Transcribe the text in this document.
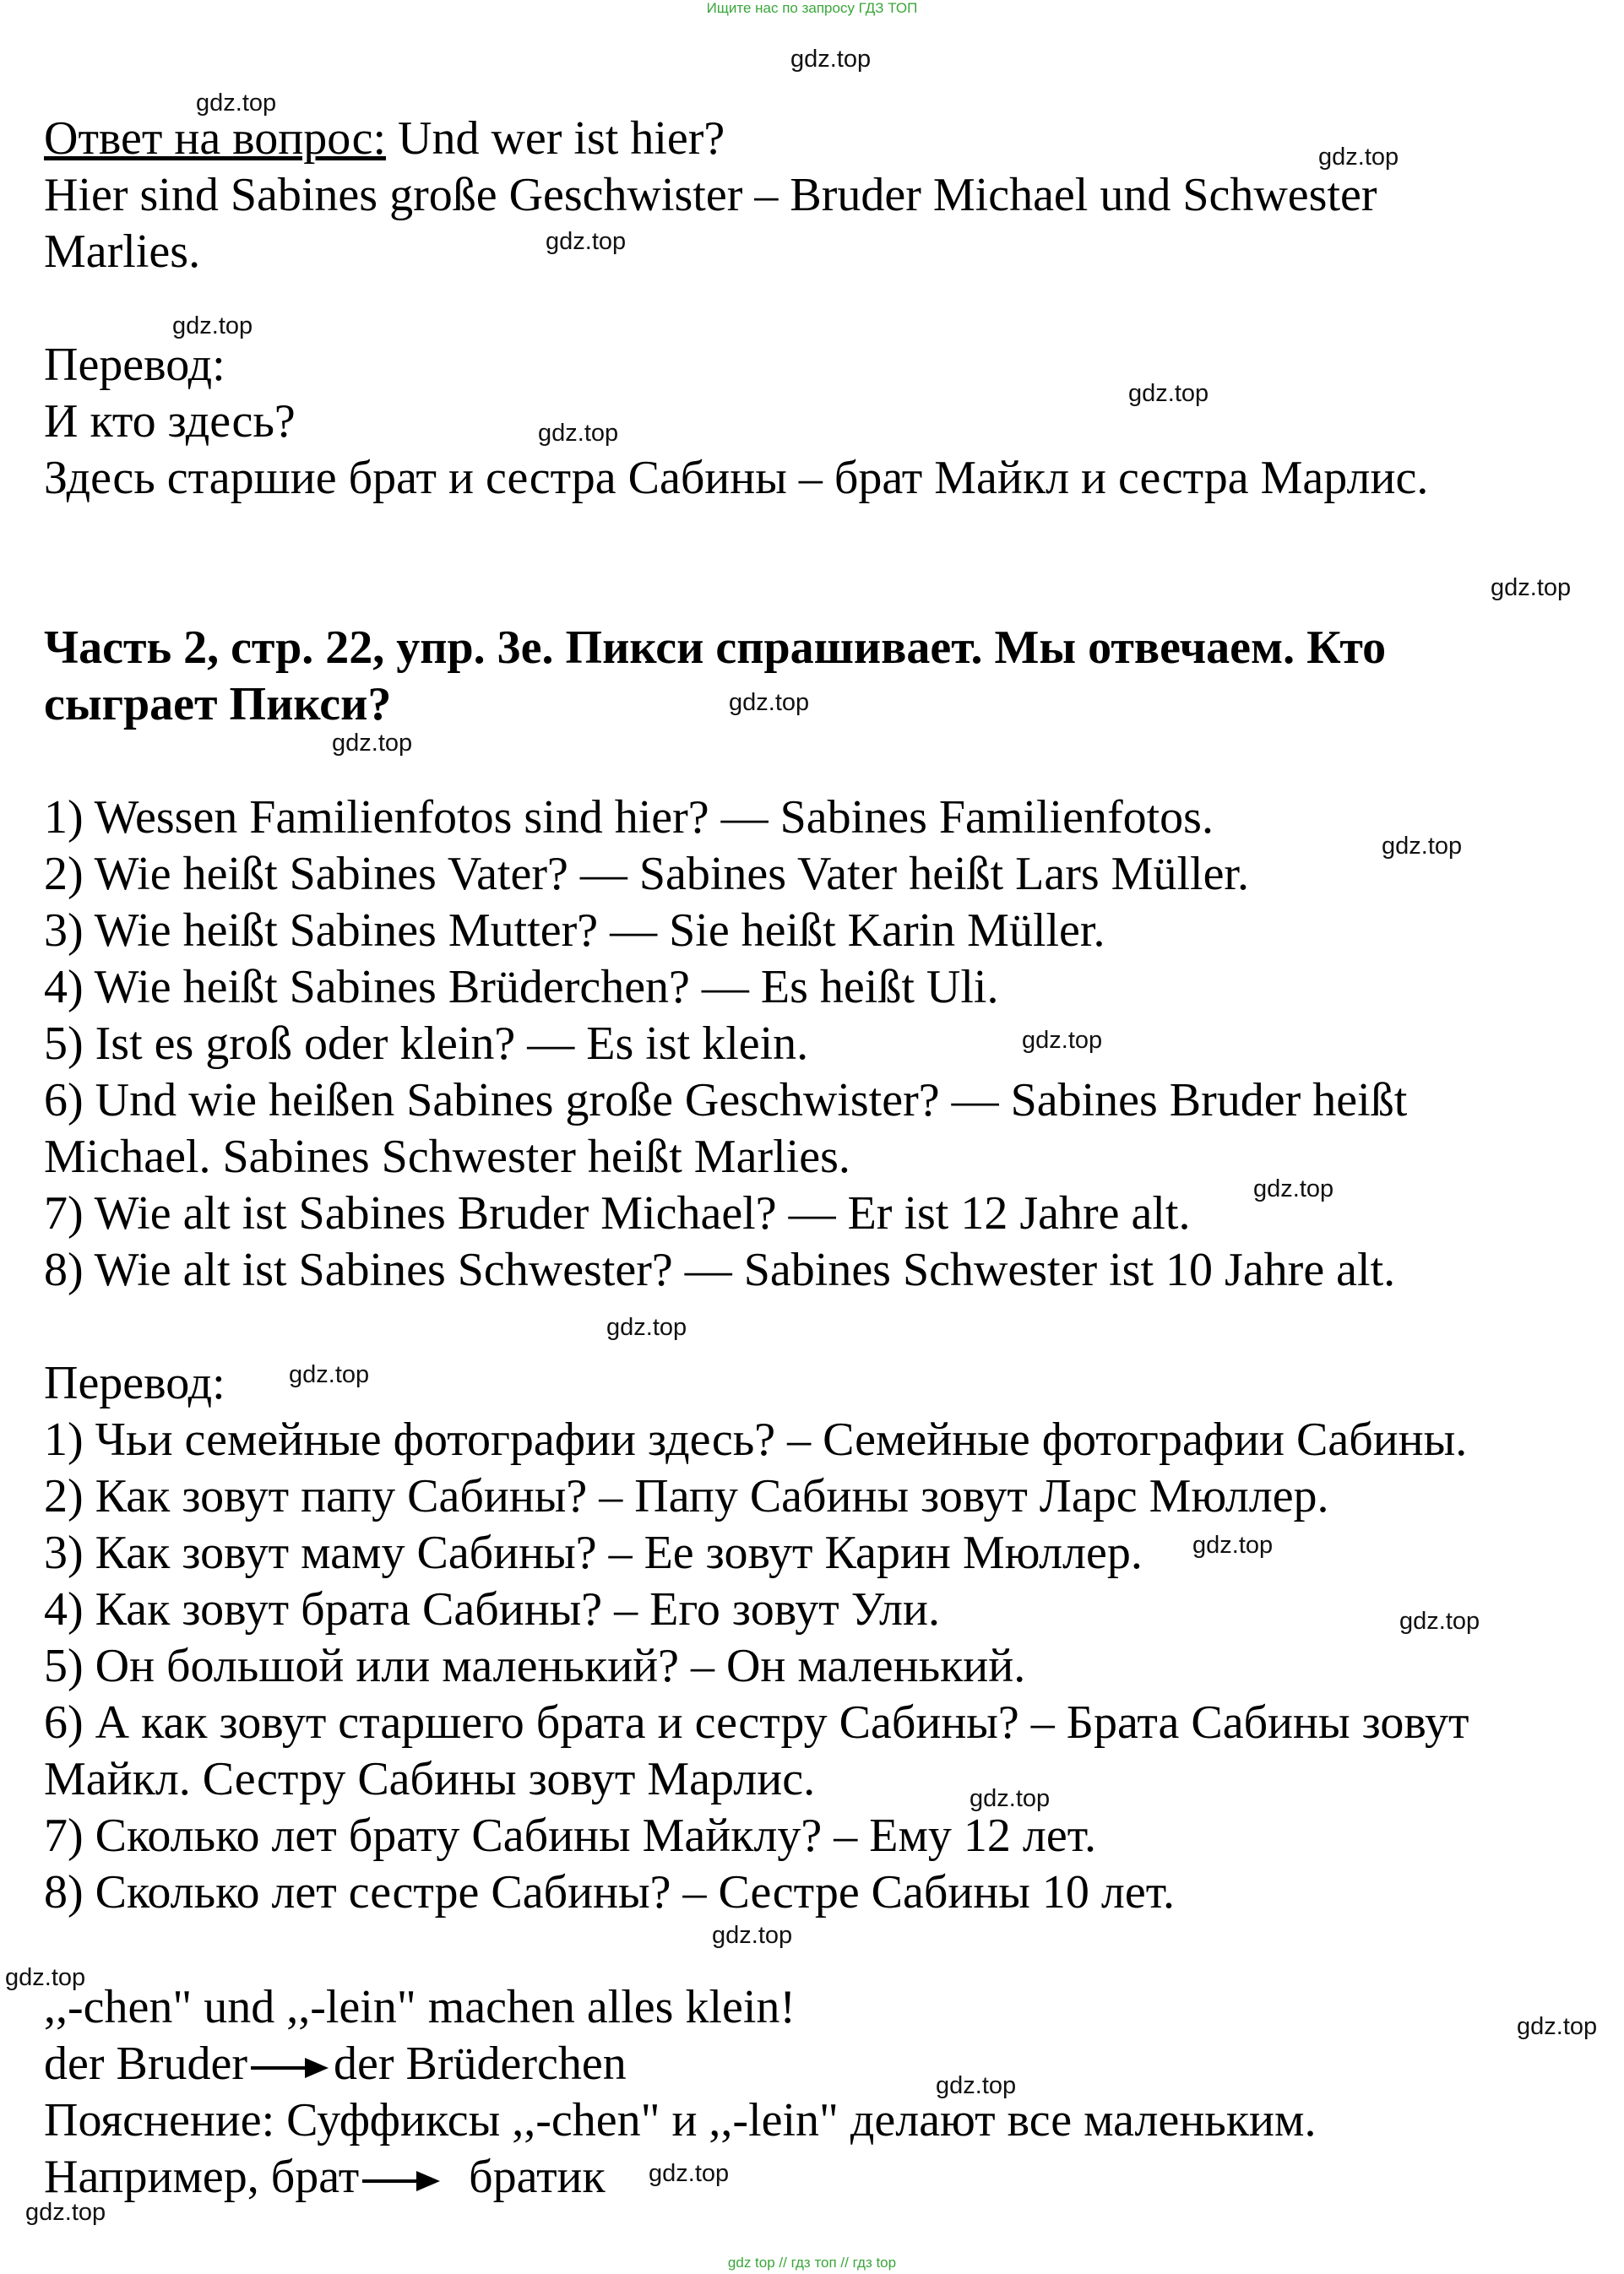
Ищите нас по запросу ГДЗ ТОП

Ответ на вопрос: Und wer ist hier?

Hier sind Sabines große Geschwister – Bruder Michael und Schwester

Marlies.

Перевод:

И кто здесь?

Здесь старшие брат и сестра Сабины – брат Майкл и сестра Марлис.

Часть 2, стр. 22, упр. 3е. Пикси спрашивает. Мы отвечаем. Кто

сыграет Пикси?

1) Wessen Familienfotos sind hier? — Sabines Familienfotos.

2) Wie heißt Sabines Vater? — Sabines Vater heißt Lars Müller.

3) Wie heißt Sabines Mutter? — Sie heißt Karin Müller.

4) Wie heißt Sabines Brüderchen? — Es heißt Uli.

5) Ist es groß oder klein? — Es ist klein.

6) Und wie heißen Sabines große Geschwister? — Sabines Bruder heißt

Michael. Sabines Schwester heißt Marlies.

7) Wie alt ist Sabines Bruder Michael? — Er ist 12 Jahre alt.

8) Wie alt ist Sabines Schwester? — Sabines Schwester ist 10 Jahre alt.

Перевод:

1) Чьи семейные фотографии здесь? – Семейные фотографии Сабины.

2) Как зовут папу Сабины? – Папу Сабины зовут Ларс Мюллер.

3) Как зовут маму Сабины? – Ее зовут Карин Мюллер.

4) Как зовут брата Сабины? – Его зовут Ули.

5) Он большой или маленький? – Он маленький.

6) А как зовут старшего брата и сестру Сабины? – Брата Сабины зовут

Майкл. Сестру Сабины зовут Марлис.

7) Сколько лет брату Сабины Майклу? – Ему 12 лет.

8) Сколько лет сестре Сабины? – Сестре Сабины 10 лет.

,,-chen" und ,,-lein" machen alles klein!

der Bruder der Brüderchen

Пояснение: Суффиксы ,,-chen" и ,,-lein" делают все маленьким.

Например, брат братик

gdz.top
gdz.top
gdz.top
gdz.top
gdz.top
gdz.top
gdz.top
gdz.top
gdz.top
gdz.top
gdz.top
gdz.top
gdz.top
gdz.top
gdz.top
gdz.top
gdz.top
gdz.top
gdz.top
gdz.top
gdz.top
gdz.top
gdz.top
gdz.top
gdz top // гдз топ // гдз top
